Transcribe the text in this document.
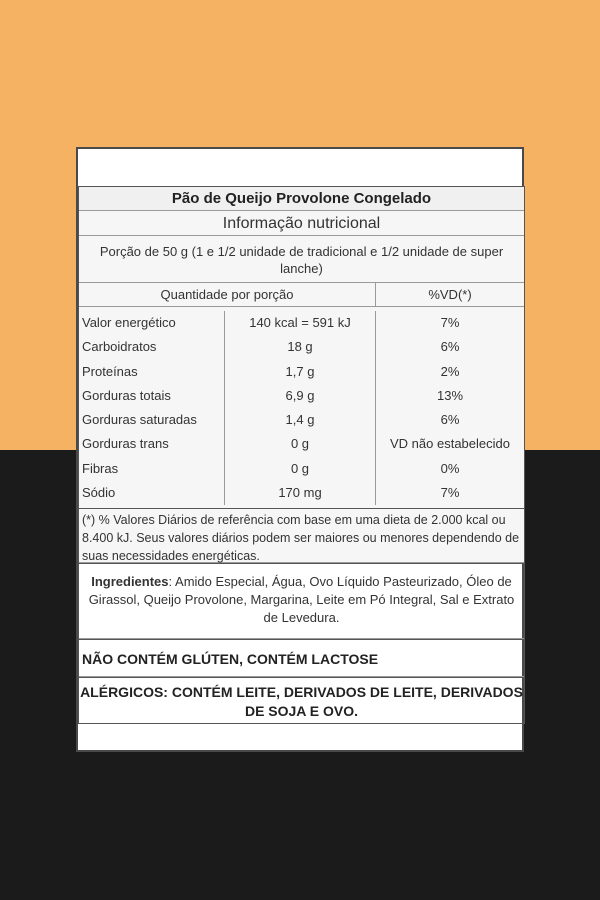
Pão de Queijo Provolone Congelado
Informação nutricional
Porção de 50 g (1 e 1/2 unidade de tradicional e 1/2 unidade de super lanche)
Quantidade por porção	%VD(*)
Valor energético
Carboidratos
Proteínas
Gorduras totais
Gorduras saturadas
Gorduras trans
Fibras
Sódio
140 kcal = 591 kJ
18 g
1,7 g
6,9 g
1,4 g
0 g
0 g
170 mg
7%
6%
2%
13%
6%
VD não estabelecido
0%
7%
(*) % Valores Diários de referência com base em uma dieta de 2.000 kcal ou 8.400 kJ. Seus valores diários podem ser maiores ou menores dependendo de suas necessidades energéticas.
Ingredientes: Amido Especial, Água, Ovo Líquido Pasteurizado, Óleo de Girassol, Queijo Provolone, Margarina, Leite em Pó Integral, Sal e Extrato de Levedura.
NÃO CONTÉM GLÚTEN, CONTÉM LACTOSE
ALÉRGICOS: CONTÉM LEITE, DERIVADOS DE LEITE, DERIVADOS DE SOJA E OVO.
